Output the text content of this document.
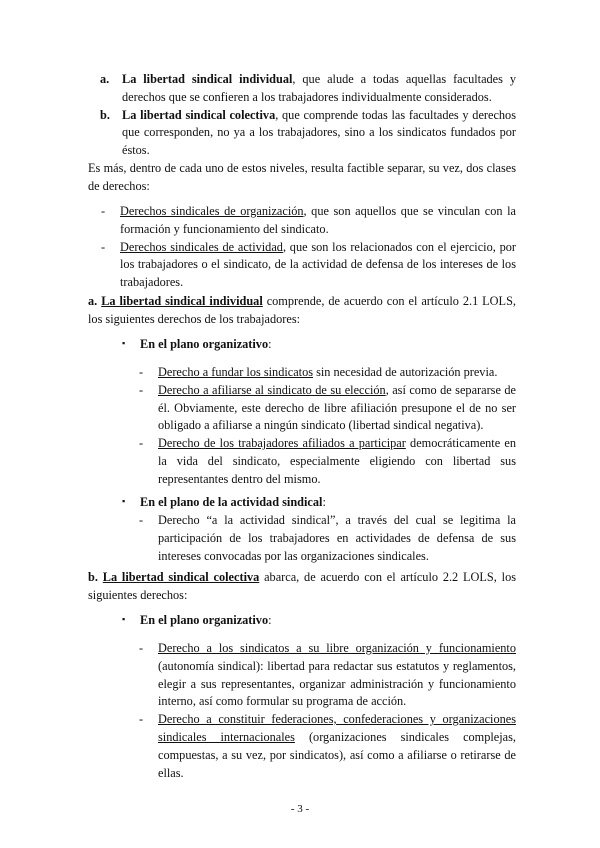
a. La libertad sindical individual, que alude a todas aquellas facultades y derechos que se confieren a los trabajadores individualmente considerados.
b. La libertad sindical colectiva, que comprende todas las facultades y derechos que corresponden, no ya a los trabajadores, sino a los sindicatos fundados por éstos.
Es más, dentro de cada uno de estos niveles, resulta factible separar, su vez, dos clases de derechos:
- Derechos sindicales de organización, que son aquellos que se vinculan con la formación y funcionamiento del sindicato.
- Derechos sindicales de actividad, que son los relacionados con el ejercicio, por los trabajadores o el sindicato, de la actividad de defensa de los intereses de los trabajadores.
a. La libertad sindical individual comprende, de acuerdo con el artículo 2.1 LOLS, los siguientes derechos de los trabajadores:
▪ En el plano organizativo:
- Derecho a fundar los sindicatos sin necesidad de autorización previa.
- Derecho a afiliarse al sindicato de su elección, así como de separarse de él. Obviamente, este derecho de libre afiliación presupone el de no ser obligado a afiliarse a ningún sindicato (libertad sindical negativa).
- Derecho de los trabajadores afiliados a participar democráticamente en la vida del sindicato, especialmente eligiendo con libertad sus representantes dentro del mismo.
▪ En el plano de la actividad sindical:
- Derecho “a la actividad sindical”, a través del cual se legitima la participación de los trabajadores en actividades de defensa de sus intereses convocadas por las organizaciones sindicales.
b. La libertad sindical colectiva abarca, de acuerdo con el artículo 2.2 LOLS, los siguientes derechos:
▪ En el plano organizativo:
- Derecho a los sindicatos a su libre organización y funcionamiento (autonomía sindical): libertad para redactar sus estatutos y reglamentos, elegir a sus representantes, organizar administración y funcionamiento interno, así como formular su programa de acción.
- Derecho a constituir federaciones, confederaciones y organizaciones sindicales internacionales (organizaciones sindicales complejas, compuestas, a su vez, por sindicatos), así como a afiliarse o retirarse de ellas.
- 3 -
